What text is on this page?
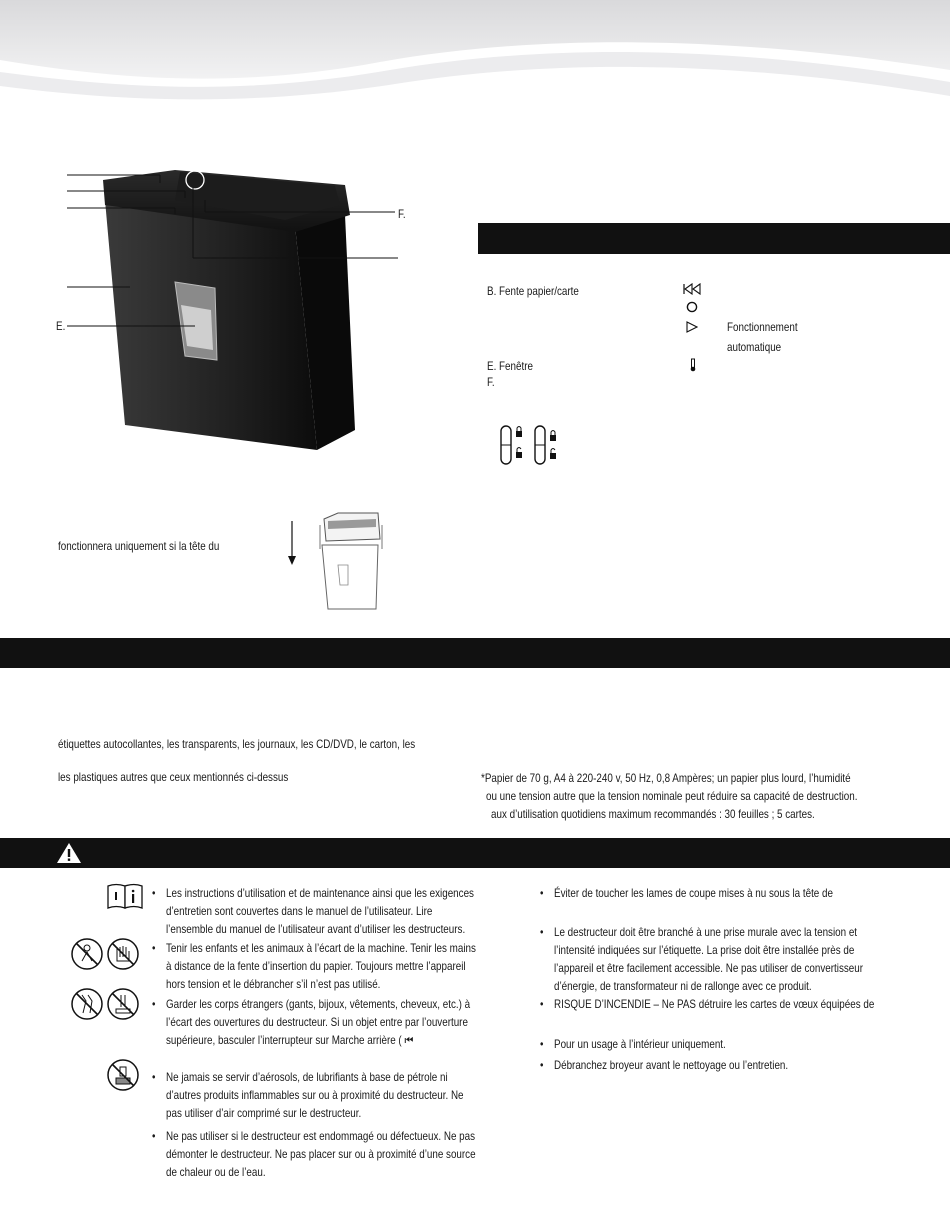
E.
F.
B. Fente papier/carte
E. Fenêtre
F.
Fonctionnement
automatique
fonctionnera uniquement si la tête du
étiquettes autocollantes, les transparents, les journaux, les CD/DVD, le carton, les
les plastiques autres que ceux mentionnés ci-dessus	*Papier de 70 g, A4 à 220-240 v, 50 Hz, 0,8 Ampères; un papier plus lourd, l’humidité
ou une tension autre que la tension nominale peut réduire sa capacité de destruction.
aux d’utilisation quotidiens maximum recommandés : 30 feuilles ; 5 cartes.
• Les instructions d’utilisation et de maintenance ainsi que les exigences
d’entretien sont couvertes dans le manuel de l’utilisateur. Lire
l’ensemble du manuel de l’utilisateur avant d’utiliser les destructeurs.
• Tenir les enfants et les animaux à l’écart de la machine. Tenir les mains
à distance de la fente d’insertion du papier. Toujours mettre l’appareil
hors tension et le débrancher s’il n’est pas utilisé.
• Garder les corps étrangers (gants, bijoux, vêtements, cheveux, etc.) à
l’écart des ouvertures du destructeur. Si un objet entre par l’ouverture
supérieure, basculer l’interrupteur sur Marche arrière ( ⏮
• Ne jamais se servir d’aérosols, de lubrifiants à base de pétrole ni
d’autres produits inflammables sur ou à proximité du destructeur. Ne
pas utiliser d’air comprimé sur le destructeur.
• Ne pas utiliser si le destructeur est endommagé ou défectueux. Ne pas
démonter le destructeur. Ne pas placer sur ou à proximité d’une source
de chaleur ou de l’eau.
• Éviter de toucher les lames de coupe mises à nu sous la tête de
• Le destructeur doit être branché à une prise murale avec la tension et
l’intensité indiquées sur l’étiquette. La prise doit être installée près de
l’appareil et être facilement accessible. Ne pas utiliser de convertisseur
d’énergie, de transformateur ni de rallonge avec ce produit.
• RISQUE D’INCENDIE – Ne PAS détruire les cartes de vœux équipées de
• Pour un usage à l’intérieur uniquement.
• Débranchez broyeur avant le nettoyage ou l’entretien.
